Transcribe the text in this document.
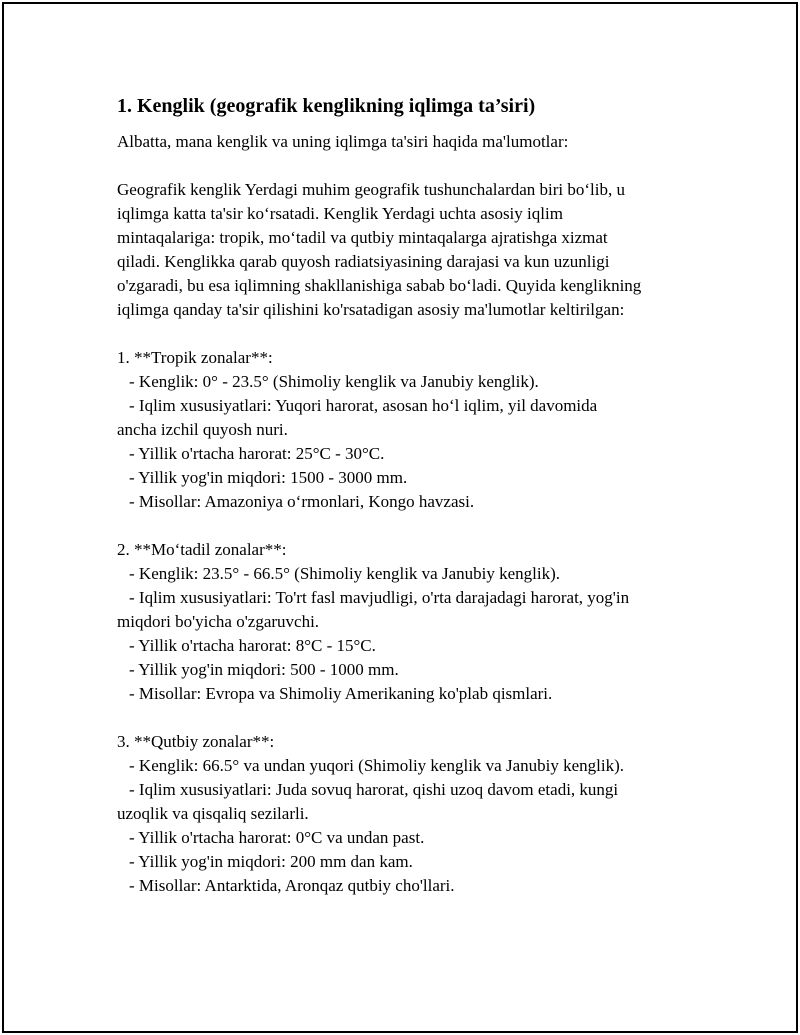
1. Kenglik (geografik kenglikning iqlimga ta’siri)

Albatta, mana kenglik va uning iqlimga ta'siri haqida ma'lumotlar:

Geografik kenglik Yerdagi muhim geografik tushunchalardan biri bo‘lib, u
iqlimga katta ta'sir ko‘rsatadi. Kenglik Yerdagi uchta asosiy iqlim
mintaqalariga: tropik, mo‘tadil va qutbiy mintaqalarga ajratishga xizmat
qiladi. Kenglikka qarab quyosh radiatsiyasining darajasi va kun uzunligi
o'zgaradi, bu esa iqlimning shakllanishiga sabab bo‘ladi. Quyida kenglikning
iqlimga qanday ta'sir qilishini ko'rsatadigan asosiy ma'lumotlar keltirilgan:
1. **Tropik zonalar**:
- Kenglik: 0° - 23.5° (Shimoliy kenglik va Janubiy kenglik).
- Iqlim xususiyatlari: Yuqori harorat, asosan ho‘l iqlim, yil davomida
ancha izchil quyosh nuri.
- Yillik o'rtacha harorat: 25°C - 30°C.
- Yillik yog'in miqdori: 1500 - 3000 mm.
- Misollar: Amazoniya o‘rmonlari, Kongo havzasi.
2. **Mo‘tadil zonalar**:
- Kenglik: 23.5° - 66.5° (Shimoliy kenglik va Janubiy kenglik).
- Iqlim xususiyatlari: To'rt fasl mavjudligi, o'rta darajadagi harorat, yog'in
miqdori bo'yicha o'zgaruvchi.
- Yillik o'rtacha harorat: 8°C - 15°C.
- Yillik yog'in miqdori: 500 - 1000 mm.
- Misollar: Evropa va Shimoliy Amerikaning ko'plab qismlari.
3. **Qutbiy zonalar**:
- Kenglik: 66.5° va undan yuqori (Shimoliy kenglik va Janubiy kenglik).
- Iqlim xususiyatlari: Juda sovuq harorat, qishi uzoq davom etadi, kungi
uzoqlik va qisqaliq sezilarli.
- Yillik o'rtacha harorat: 0°C va undan past.
- Yillik yog'in miqdori: 200 mm dan kam.
- Misollar: Antarktida, Aronqaz qutbiy cho'llari.
